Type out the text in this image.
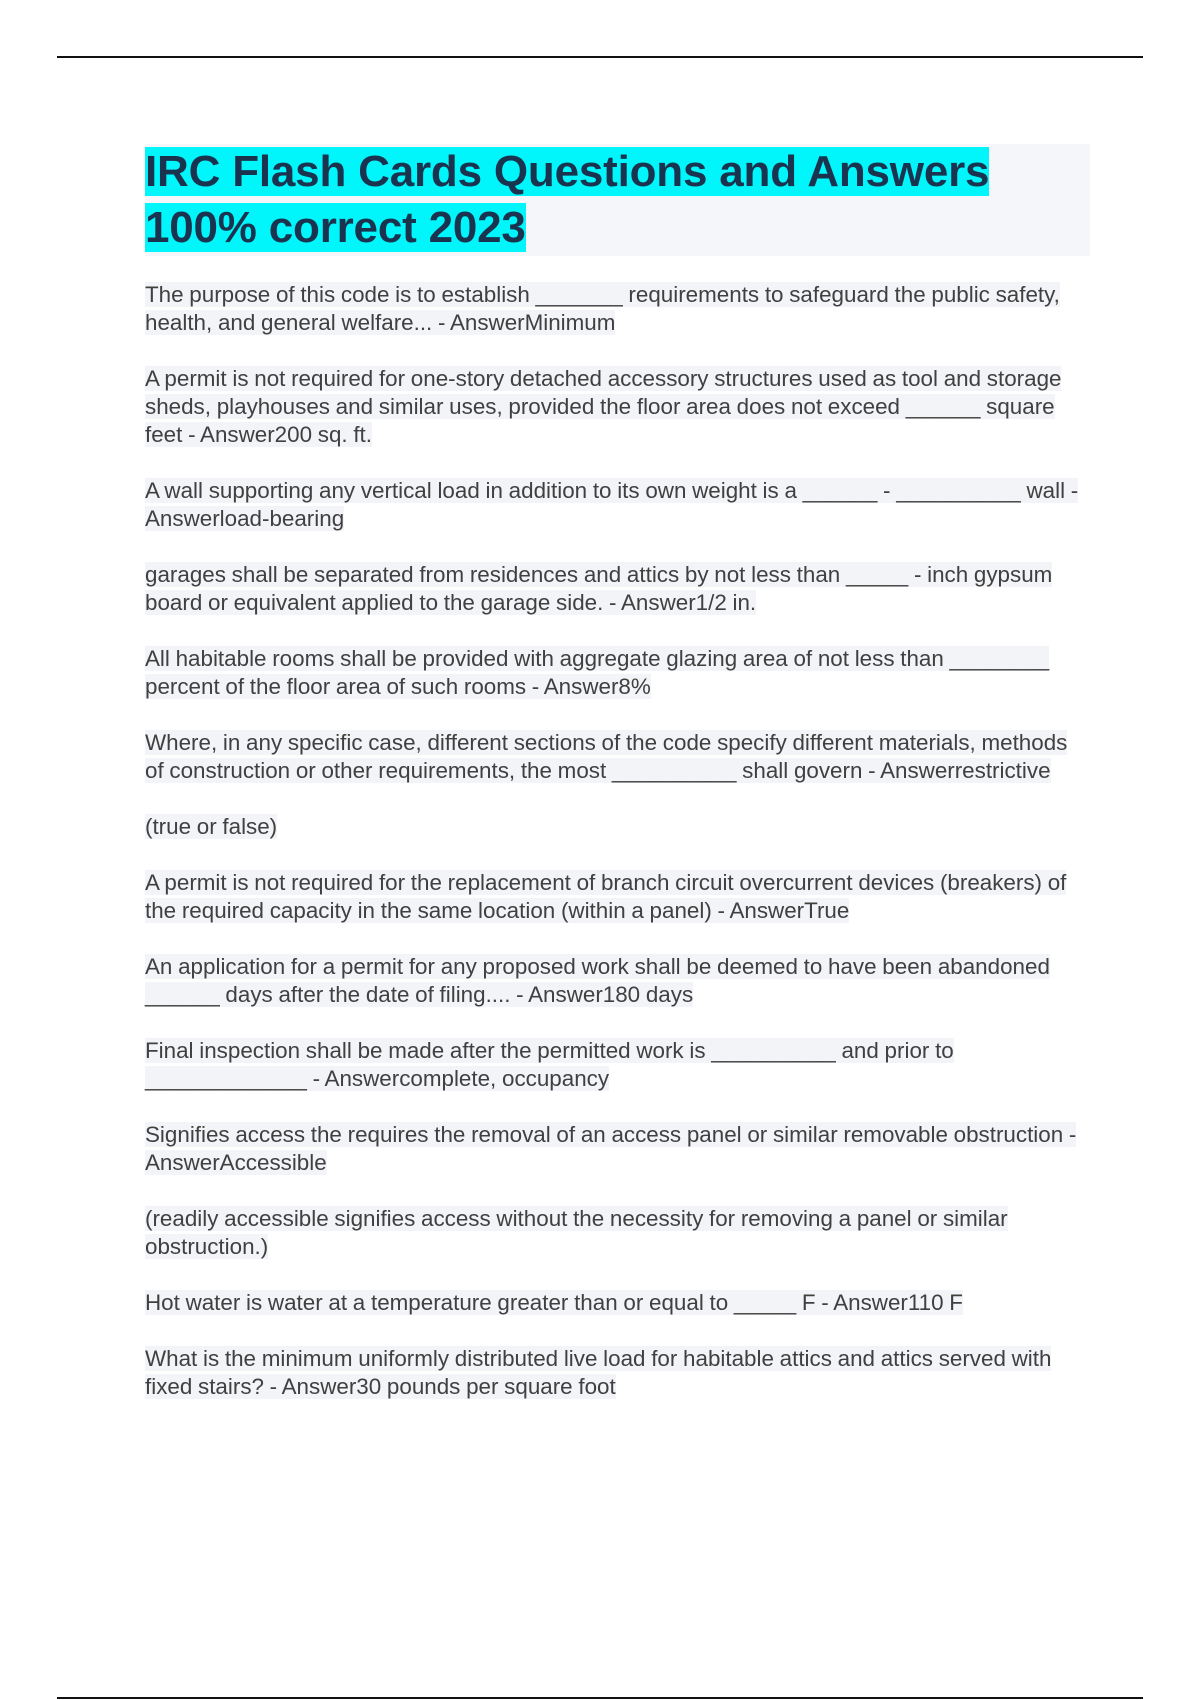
IRC Flash Cards Questions and Answers
100% correct 2023

The purpose of this code is to establish _______ requirements to safeguard the public safety, health, and general welfare... - AnswerMinimum

A permit is not required for one-story detached accessory structures used as tool and storage sheds, playhouses and similar uses, provided the floor area does not exceed ______ square feet - Answer200 sq. ft.

A wall supporting any vertical load in addition to its own weight is a ______ - __________ wall - Answerload-bearing

garages shall be separated from residences and attics by not less than _____ - inch gypsum board or equivalent applied to the garage side. - Answer1/2 in.

All habitable rooms shall be provided with aggregate glazing area of not less than ________ percent of the floor area of such rooms - Answer8%

Where, in any specific case, different sections of the code specify different materials, methods of construction or other requirements, the most __________ shall govern - Answerrestrictive

(true or false)

A permit is not required for the replacement of branch circuit overcurrent devices (breakers) of the required capacity in the same location (within a panel) - AnswerTrue

An application for a permit for any proposed work shall be deemed to have been abandoned ______ days after the date of filing.... - Answer180 days

Final inspection shall be made after the permitted work is __________ and prior to _____________ - Answercomplete, occupancy

Signifies access the requires the removal of an access panel or similar removable obstruction - AnswerAccessible

(readily accessible signifies access without the necessity for removing a panel or similar obstruction.)

Hot water is water at a temperature greater than or equal to _____ F - Answer110 F

What is the minimum uniformly distributed live load for habitable attics and attics served with fixed stairs? - Answer30 pounds per square foot
